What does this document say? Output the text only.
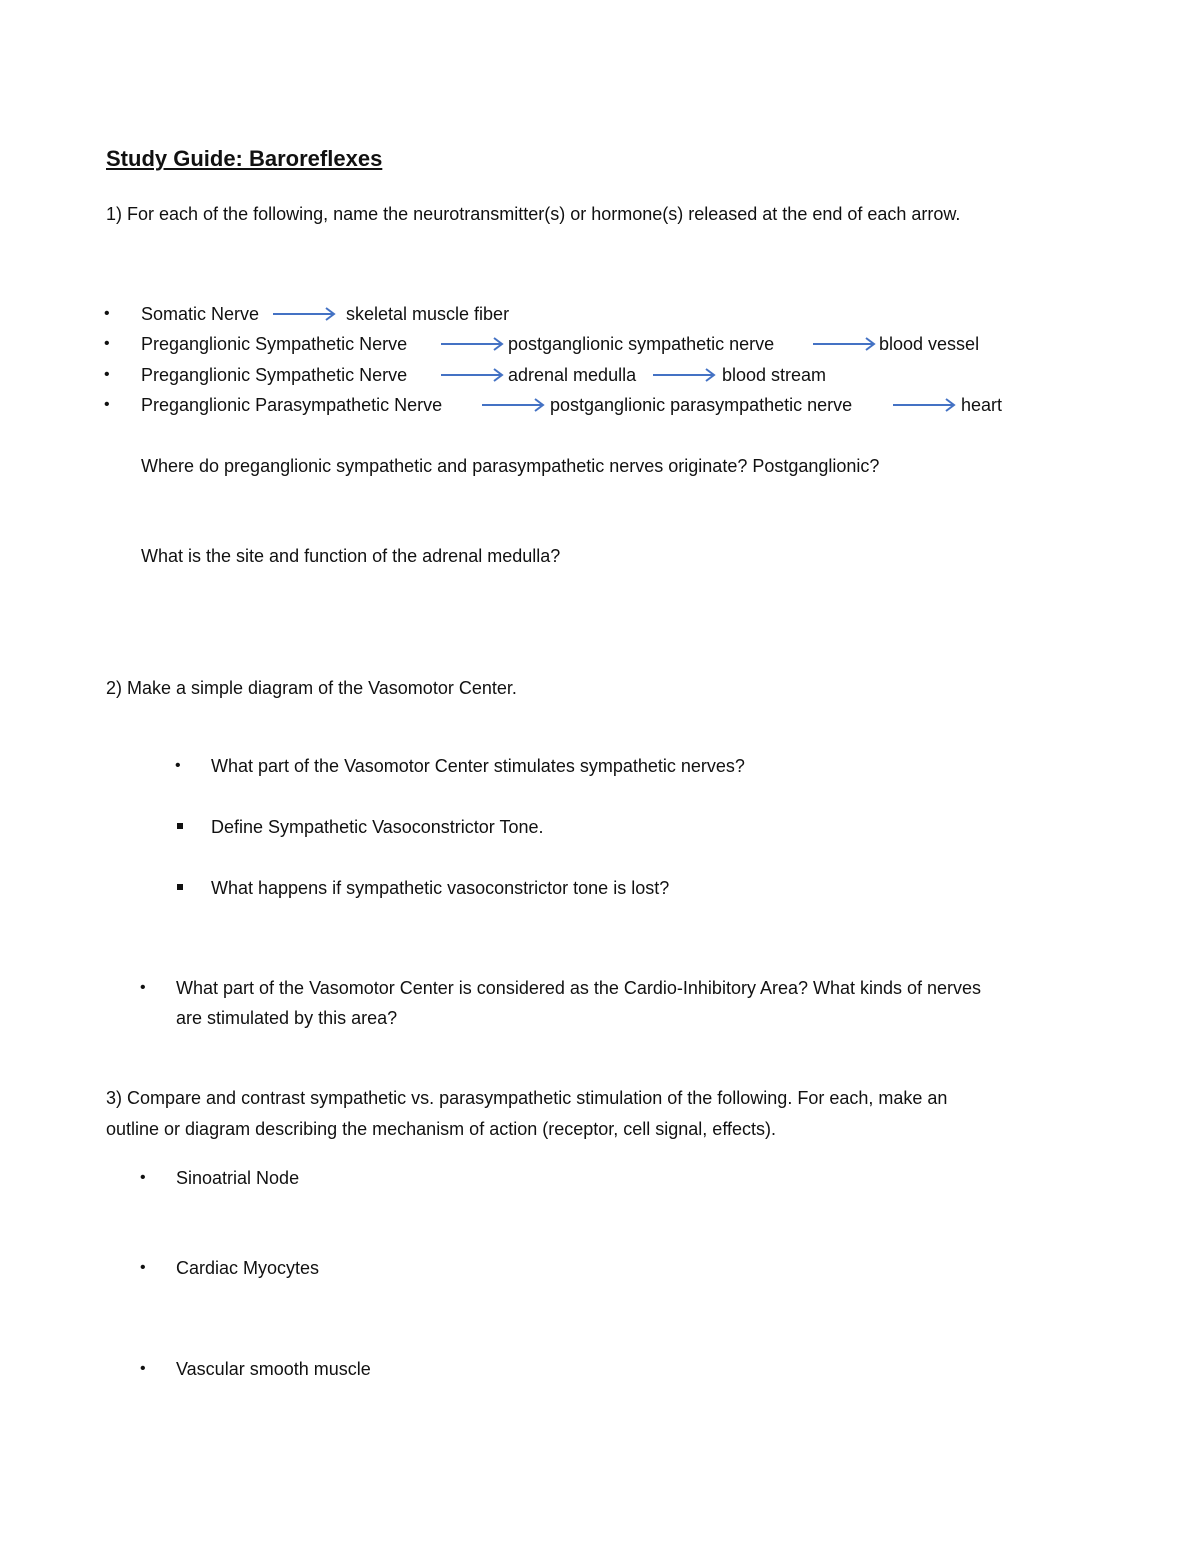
Study Guide: Baroreflexes
1) For each of the following, name the neurotransmitter(s) or hormone(s) released at the end of each arrow.
• Somatic Nerve	skeletal muscle fiber
• Preganglionic Sympathetic Nerve	postganglionic sympathetic nerve	blood vessel
• Preganglionic Sympathetic Nerve	adrenal medulla	blood stream
• Preganglionic Parasympathetic Nerve	postganglionic parasympathetic nerve	heart
Where do preganglionic sympathetic and parasympathetic nerves originate? Postganglionic?
What is the site and function of the adrenal medulla?
2) Make a simple diagram of the Vasomotor Center.
• What part of the Vasomotor Center stimulates sympathetic nerves?
Define Sympathetic Vasoconstrictor Tone.
What happens if sympathetic vasoconstrictor tone is lost?
• What part of the Vasomotor Center is considered as the Cardio-Inhibitory Area? What kinds of nerves
are stimulated by this area?
3) Compare and contrast sympathetic vs. parasympathetic stimulation of the following. For each, make an
outline or diagram describing the mechanism of action (receptor, cell signal, effects).
• Sinoatrial Node
• Cardiac Myocytes
• Vascular smooth muscle
